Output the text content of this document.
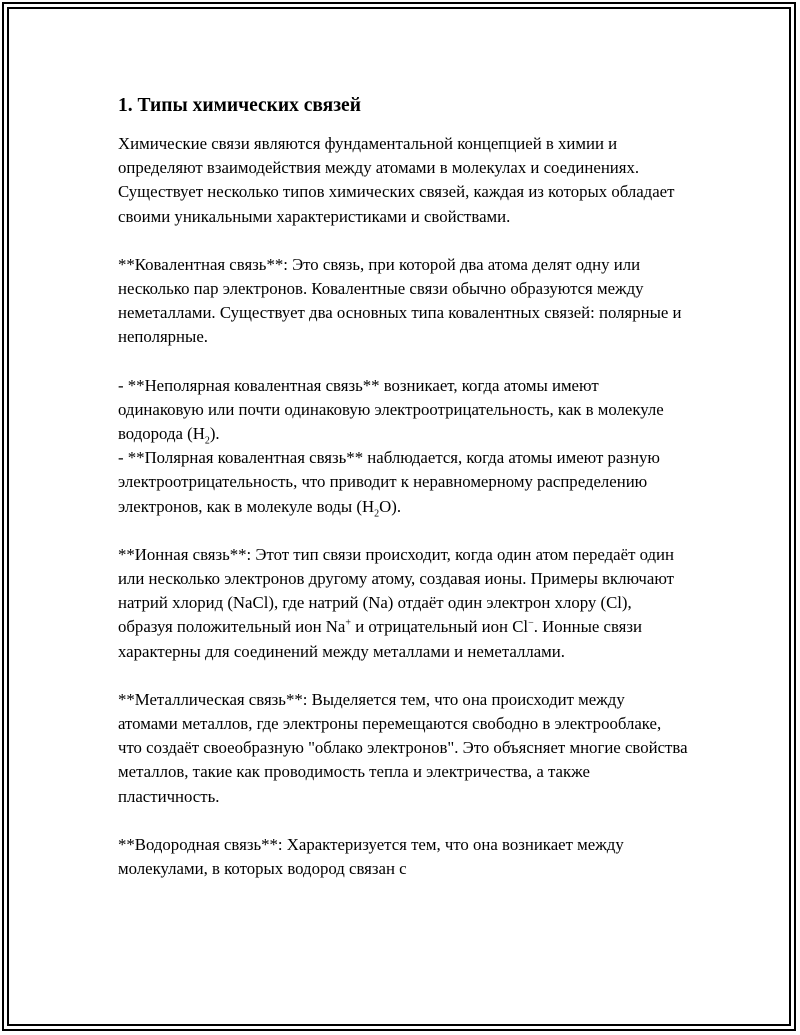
1. Типы химических связей

Химические связи являются фундаментальной концепцией в химии и определяют взаимодействия между атомами в молекулах и соединениях. Существует несколько типов химических связей, каждая из которых обладает своими уникальными характеристиками и свойствами.

**Ковалентная связь**: Это связь, при которой два атома делят одну или несколько пар электронов. Ковалентные связи обычно образуются между неметаллами. Существует два основных типа ковалентных связей: полярные и неполярные.

- **Неполярная ковалентная связь** возникает, когда атомы имеют одинаковую или почти одинаковую электроотрицательность, как в молекуле водорода $(H_2)$.

- **Полярная ковалентная связь** наблюдается, когда атомы имеют разную электроотрицательность, что приводит к неравномерному распределению электронов, как в молекуле воды $(H_2O)$.

**Ионная связь**: Этот тип связи происходит, когда один атом передаёт один или несколько электронов другому атому, создавая ионы. Примеры включают натрий хлорид (NaCl), где натрий (Na) отдаёт один электрон хлору (Cl), образуя положительный ион Na+ и отрицательный ион Cl−. Ионные связи характерны для соединений между металлами и неметаллами.

**Металлическая связь**: Выделяется тем, что она происходит между атомами металлов, где электроны перемещаются свободно в электрооблаке, что создаёт своеобразную "облако электронов". Это объясняет многие свойства металлов, такие как проводимость тепла и электричества, а также пластичность.

**Водородная связь**: Характеризуется тем, что она возникает между молекулами, в которых водород связан с
